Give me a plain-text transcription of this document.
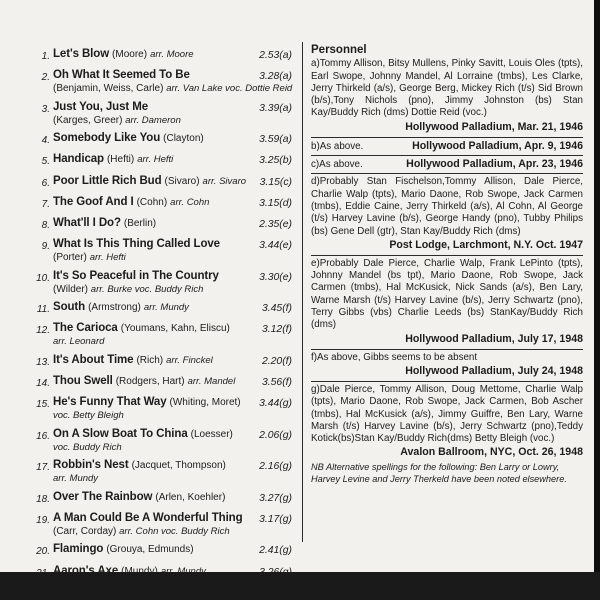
1. Let's Blow (Moore) arr. Moore	2.53(a)
2. Oh What It Seemed To Be	3.28(a)
(Benjamin, Weiss, Carle) arr. Van Lake voc. Dottie Reid
3. Just You, Just Me	3.39(a)
(Karges, Greer) arr. Dameron
4. Somebody Like You (Clayton)	3.59(a)
5. Handicap (Hefti) arr. Hefti	3.25(b)
6. Poor Little Rich Bud (Sivaro) arr. Sivaro	3.15(c)
7. The Goof And I (Cohn) arr. Cohn	3.15(d)
8. What'll I Do? (Berlin)	2.35(e)
9. What Is This Thing Called Love	3.44(e)
(Porter) arr. Hefti
10. It's So Peaceful in The Country	3.30(e)
(Wilder) arr. Burke voc. Buddy Rich
11. South (Armstrong) arr. Mundy	3.45(f)
12. The Carioca (Youmans, Kahn, Eliscu)	3.12(f)
arr. Leonard
13. It's About Time (Rich) arr. Finckel	2.20(f)
14. Thou Swell (Rodgers, Hart) arr. Mandel	3.56(f)
15. He's Funny That Way (Whiting, Moret)	3.44(g)
voc. Betty Bleigh
16. On A Slow Boat To China (Loesser)	2.06(g)
voc. Buddy Rich
17. Robbin's Nest (Jacquet, Thompson)	2.16(g)
arr. Mundy
18. Over The Rainbow (Arlen, Koehler)	3.27(g)
19. A Man Could Be A Wonderful Thing	3.17(g)
(Carr, Corday) arr. Cohn voc. Buddy Rich
20. Flamingo (Grouya, Edmunds)	2.41(g)
21. Aaron's Axe (Mundy) arr. Mundy	3.26(g)
Personnel

a)Tommy Allison, Bitsy Mullens, Pinky Savitt, Louis Oles (tpts), Earl Swope, Johnny Mandel, Al Lorraine (tmbs), Les Clarke, Jerry Thirkeld (a/s), George Berg, Mickey Rich (t/s) Sid Brown (b/s),Tony Nichols (pno), Jimmy Johnston (bs) Stan Kay/Buddy Rich (dms) Dottie Reid (voc.)

Hollywood Palladium, Mar. 21, 1946
b)As above.	Hollywood Palladium, Apr. 9, 1946
c)As above.	Hollywood Palladium, Apr. 23, 1946

d)Probably Stan Fischelson,Tommy Allison, Dale Pierce, Charlie Walp (tpts), Mario Daone, Rob Swope, Jack Carmen (tmbs), Eddie Caine, Jerry Thirkeld (a/s), Al Cohn, Al George (t/s) Harvey Lavine (b/s), George Handy (pno), Tubby Philips (bs) Gene Dell (gtr), Stan Kay/Buddy Rich (dms)

Post Lodge, Larchmont, N.Y. Oct. 1947

e)Probably Dale Pierce, Charlie Walp, Frank LePinto (tpts), Johnny Mandel (bs tpt), Mario Daone, Rob Swope, Jack Carmen (tmbs), Hal McKusick, Nick Sands (a/s), Ben Lary, Warne Marsh (t/s) Harvey Lavine (b/s), Jerry Schwartz (pno), Terry Gibbs (vbs) Charlie Leeds (bs) StanKay/Buddy Rich (dms)

Hollywood Palladium, July 17, 1948

f)As above, Gibbs seems to be absent

Hollywood Palladium, July 24, 1948

g)Dale Pierce, Tommy Allison, Doug Mettome, Charlie Walp (tpts), Mario Daone, Rob Swope, Jack Carmen, Bob Ascher (tmbs), Hal McKusick (a/s), Jimmy Guiffre, Ben Lary, Warne Marsh (t/s) Harvey Lavine (b/s), Jerry Schwartz (pno),Teddy Kotick(bs)Stan Kay/Buddy Rich(dms) Betty Bleigh (voc.)

Avalon Ballroom, NYC, Oct. 26, 1948
NB Alternative spellings for the following: Ben Larry or Lowry, Harvey Levine and Jerry Therkeld have been noted elsewhere.
